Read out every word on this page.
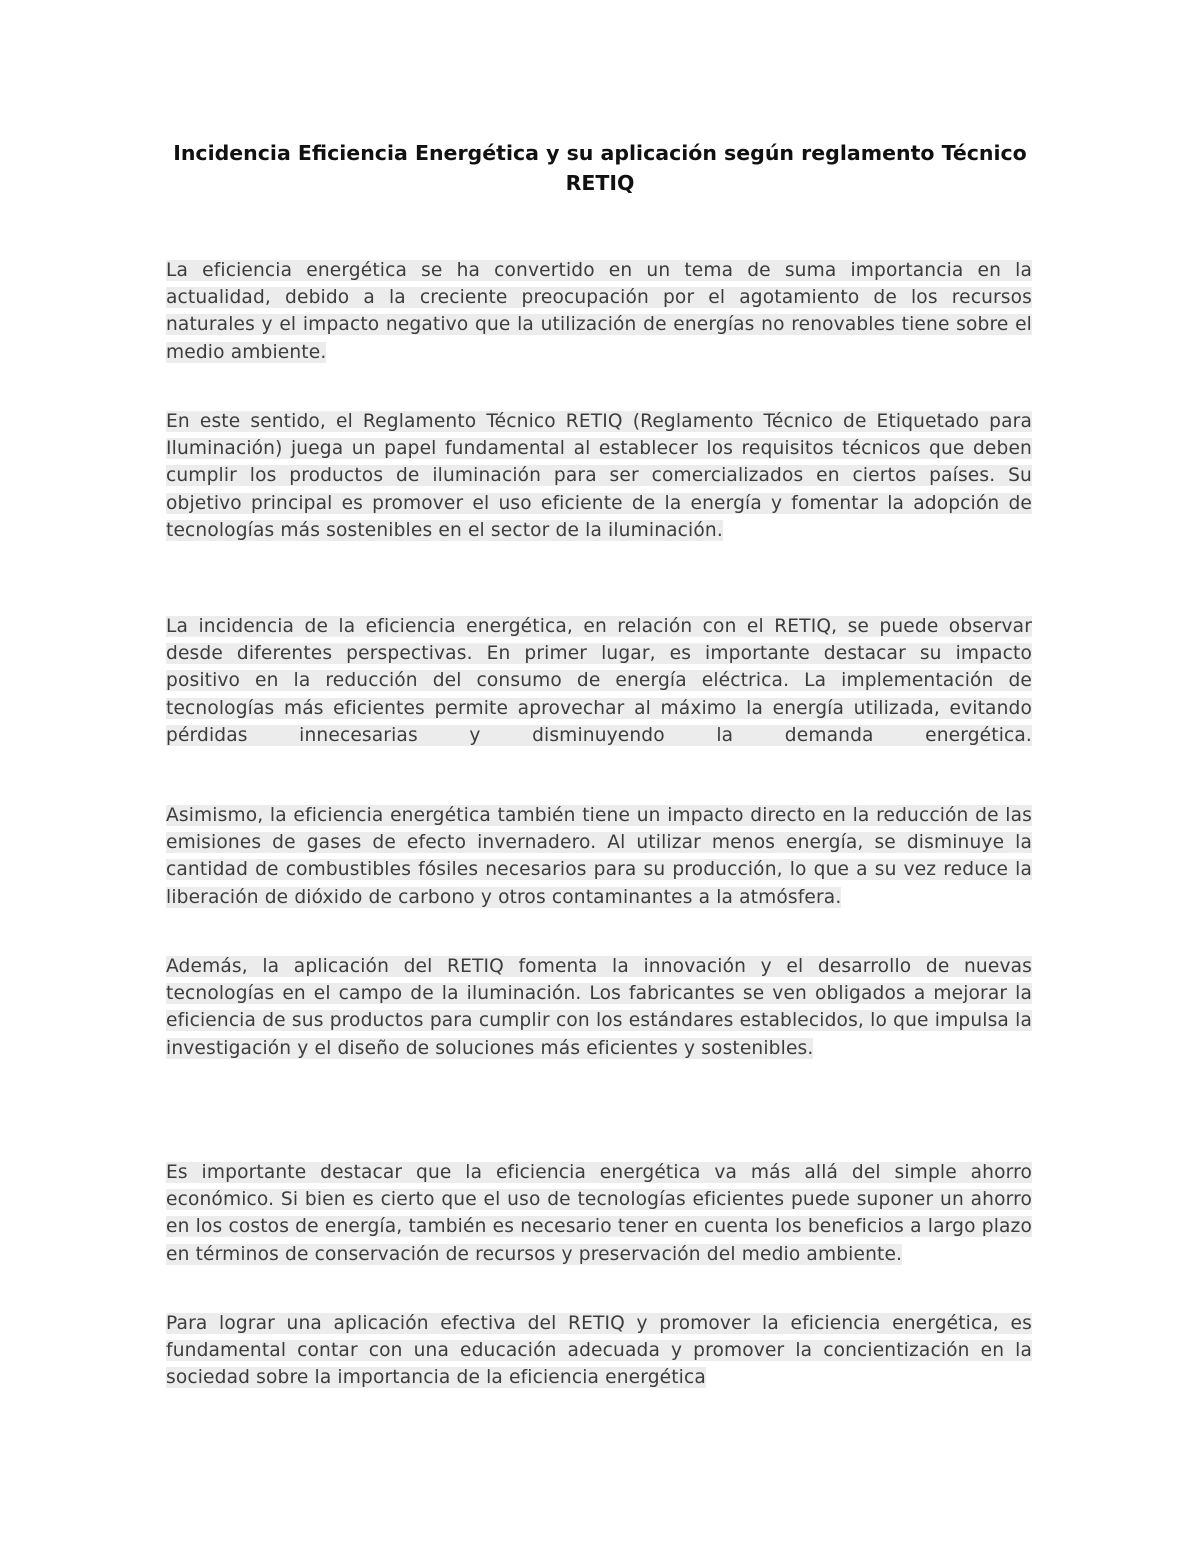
Incidencia Eficiencia Energética y su aplicación según reglamento Técnico RETIQ

La eficiencia energética se ha convertido en un tema de suma importancia en la actualidad, debido a la creciente preocupación por el agotamiento de los recursos naturales y el impacto negativo que la utilización de energías no renovables tiene sobre el medio ambiente.

En este sentido, el Reglamento Técnico RETIQ (Reglamento Técnico de Etiquetado para Iluminación) juega un papel fundamental al establecer los requisitos técnicos que deben cumplir los productos de iluminación para ser comercializados en ciertos países. Su objetivo principal es promover el uso eficiente de la energía y fomentar la adopción de tecnologías más sostenibles en el sector de la iluminación.

La incidencia de la eficiencia energética, en relación con el RETIQ, se puede observar desde diferentes perspectivas. En primer lugar, es importante destacar su impacto positivo en la reducción del consumo de energía eléctrica. La implementación de tecnologías más eficientes permite aprovechar al máximo la energía utilizada, evitando pérdidas innecesarias y disminuyendo la demanda energética.

Asimismo, la eficiencia energética también tiene un impacto directo en la reducción de las emisiones de gases de efecto invernadero. Al utilizar menos energía, se disminuye la cantidad de combustibles fósiles necesarios para su producción, lo que a su vez reduce la liberación de dióxido de carbono y otros contaminantes a la atmósfera.

Además, la aplicación del RETIQ fomenta la innovación y el desarrollo de nuevas tecnologías en el campo de la iluminación. Los fabricantes se ven obligados a mejorar la eficiencia de sus productos para cumplir con los estándares establecidos, lo que impulsa la investigación y el diseño de soluciones más eficientes y sostenibles.

Es importante destacar que la eficiencia energética va más allá del simple ahorro económico. Si bien es cierto que el uso de tecnologías eficientes puede suponer un ahorro en los costos de energía, también es necesario tener en cuenta los beneficios a largo plazo en términos de conservación de recursos y preservación del medio ambiente.

Para lograr una aplicación efectiva del RETIQ y promover la eficiencia energética, es fundamental contar con una educación adecuada y promover la concientización en la sociedad sobre la importancia de la eficiencia energética
